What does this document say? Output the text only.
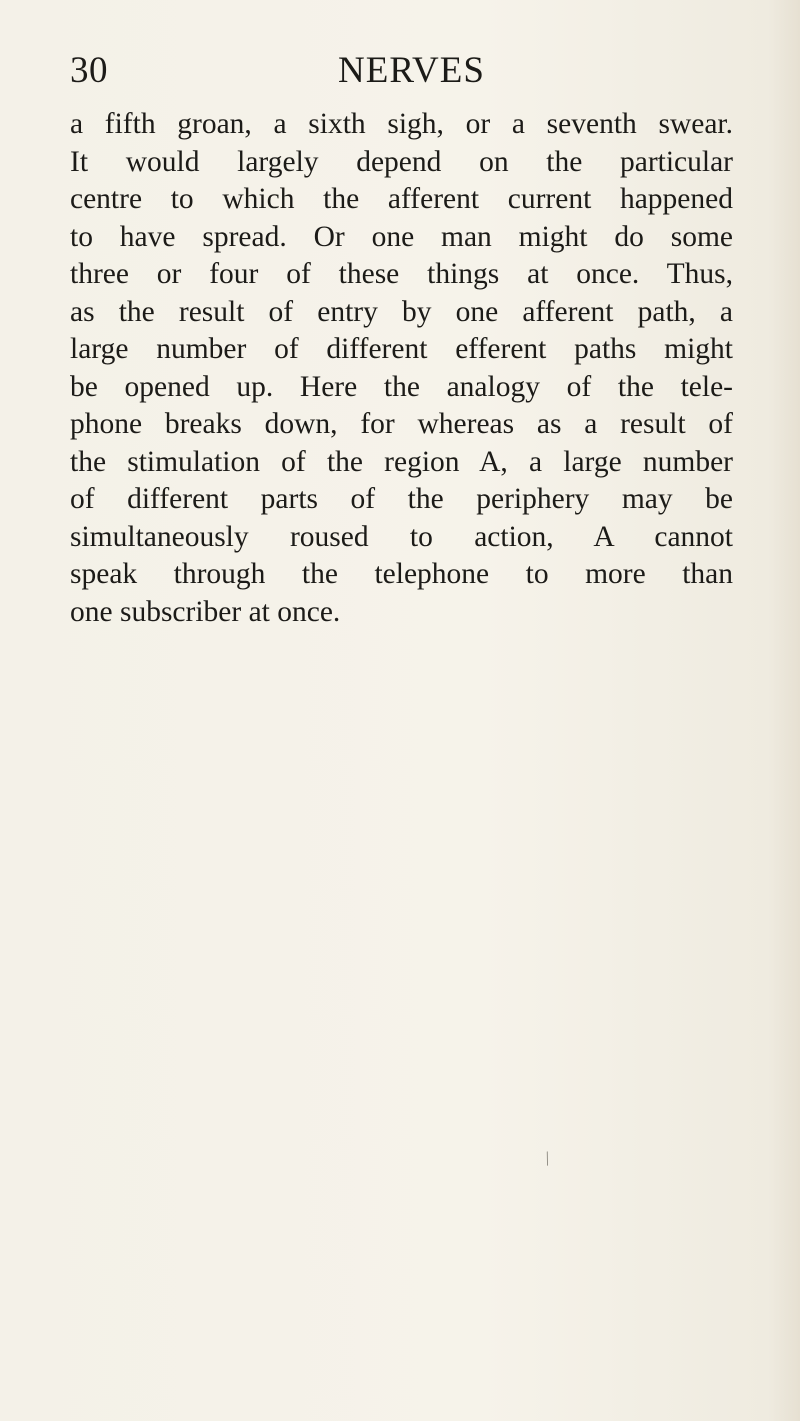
30	NERVES
a fifth groan, a sixth sigh, or a seventh swear.
It would largely depend on the particular
centre to which the afferent current happened
to have spread. Or one man might do some
three or four of these things at once. Thus,
as the result of entry by one afferent path, a
large number of different efferent paths might
be opened up. Here the analogy of the tele-
phone breaks down, for whereas as a result of
the stimulation of the region A, a large number
of different parts of the periphery may be
simultaneously roused to action, A cannot
speak through the telephone to more than
one subscriber at once.
/
